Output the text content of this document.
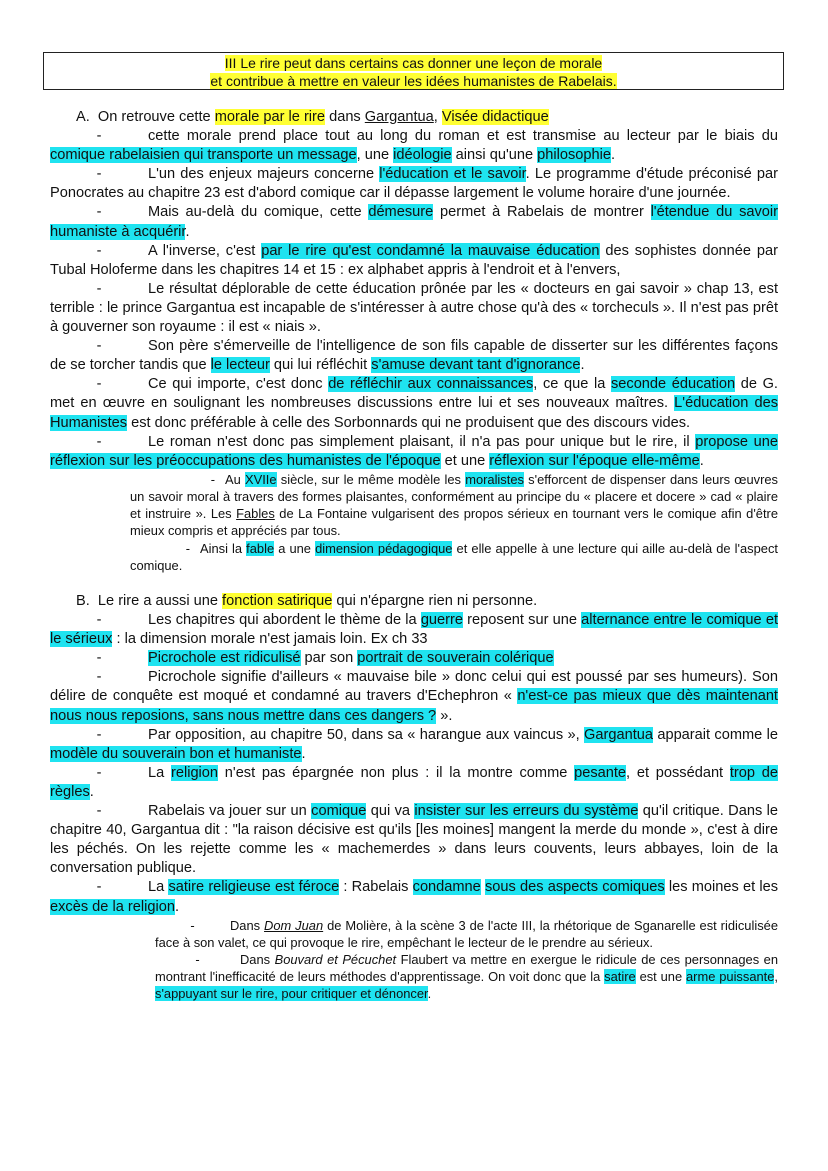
III Le rire peut dans certains cas donner une leçon de morale
et contribue à mettre en valeur les idées humanistes de Rabelais.

A. On retrouve cette morale par le rire dans Gargantua, Visée didactique

-	cette morale prend place tout au long du roman et est transmise au lecteur par le biais du comique rabelaisien qui transporte un message, une idéologie ainsi qu'une philosophie.

-	L'un des enjeux majeurs concerne l'éducation et le savoir. Le programme d'étude préconisé par Ponocrates au chapitre 23 est d'abord comique car il dépasse largement le volume horaire d'une journée.

-	Mais au-delà du comique, cette démesure permet à Rabelais de montrer l'étendue du savoir humaniste à acquérir.

-	A l'inverse, c'est par le rire qu'est condamné la mauvaise éducation des sophistes donnée par Tubal Holoferme dans les chapitres 14 et 15 : ex alphabet appris à l'endroit et à l'envers,

-	Le résultat déplorable de cette éducation prônée par les « docteurs en gai savoir » chap 13, est terrible : le prince Gargantua est incapable de s'intéresser à autre chose qu'à des « torcheculs ». Il n'est pas prêt à gouverner son royaume : il est « niais ».

-	Son père s'émerveille de l'intelligence de son fils capable de disserter sur les différentes façons de se torcher tandis que le lecteur qui lui réfléchit s'amuse devant tant d'ignorance.

-	Ce qui importe, c'est donc de réfléchir aux connaissances, ce que la seconde éducation de G. met en œuvre en soulignant les nombreuses discussions entre lui et ses nouveaux maîtres. L'éducation des Humanistes est donc préférable à celle des Sorbonnards qui ne produisent que des discours vides.

-	Le roman n'est donc pas simplement plaisant, il n'a pas pour unique but le rire, il propose une réflexion sur les préoccupations des humanistes de l'époque et une réflexion sur l'époque elle-même.

- Au XVIIe siècle, sur le même modèle les moralistes s'efforcent de dispenser dans leurs œuvres un savoir moral à travers des formes plaisantes, conformément au principe du « placere et docere » cad « plaire et instruire ». Les Fables de La Fontaine vulgarisent des propos sérieux en tournant vers le comique afin d'être mieux compris et appréciés par tous.

- Ainsi la fable a une dimension pédagogique et elle appelle à une lecture qui aille au-delà de l'aspect comique.

B. Le rire a aussi une fonction satirique qui n'épargne rien ni personne.

-	Les chapitres qui abordent le thème de la guerre reposent sur une alternance entre le comique et le sérieux : la dimension morale n'est jamais loin. Ex ch 33

-	Picrochole est ridiculisé par son portrait de souverain colérique

-	Picrochole signifie d'ailleurs « mauvaise bile » donc celui qui est poussé par ses humeurs). Son délire de conquête est moqué et condamné au travers d'Echephron « n'est-ce pas mieux que dès maintenant nous nous reposions, sans nous mettre dans ces dangers ? ».

-	Par opposition, au chapitre 50, dans sa « harangue aux vaincus », Gargantua apparait comme le modèle du souverain bon et humaniste.

-	La religion n'est pas épargnée non plus : il la montre comme pesante, et possédant trop de règles.

-	Rabelais va jouer sur un comique qui va insister sur les erreurs du système qu'il critique. Dans le chapitre 40, Gargantua dit : "la raison décisive est qu'ils [les moines] mangent la merde du monde », c'est à dire les péchés. On les rejette comme les « machemerdes » dans leurs couvents, leurs abbayes, loin de la conversation publique.

-	La satire religieuse est féroce : Rabelais condamne sous des aspects comiques les moines et les excès de la religion.

-	Dans Dom Juan de Molière, à la scène 3 de l'acte III, la rhétorique de Sganarelle est ridiculisée face à son valet, ce qui provoque le rire, empêchant le lecteur de le prendre au sérieux.

-	Dans Bouvard et Pécuchet Flaubert va mettre en exergue le ridicule de ces personnages en montrant l'inefficacité de leurs méthodes d'apprentissage. On voit donc que la satire est une arme puissante, s'appuyant sur le rire, pour critiquer et dénoncer.
